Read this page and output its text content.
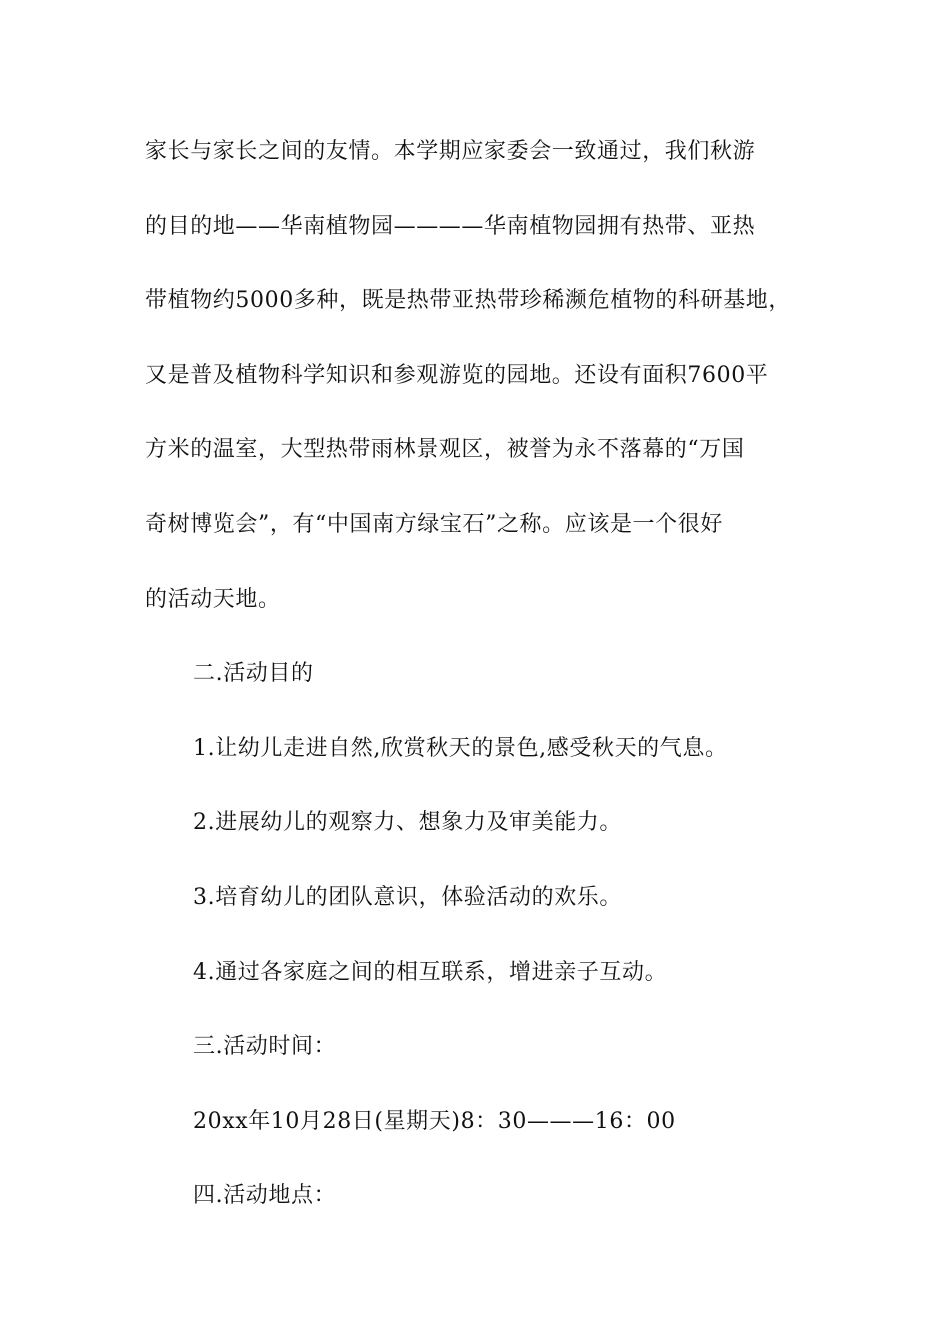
家长与家长之间的友情。本学期应家委会一致通过，我们秋游
的目的地——华南植物园————华南植物园拥有热带、亚热
带植物约5000多种，既是热带亚热带珍稀濒危植物的科研基地，
又是普及植物科学知识和参观游览的园地。还设有面积7600平
方米的温室，大型热带雨林景观区，被誉为永不落幕的“万国
奇树博览会”，有“中国南方绿宝石”之称。应该是一个很好
的活动天地。
二.活动目的
1.让幼儿走进自然,欣赏秋天的景色,感受秋天的气息。
2.进展幼儿的观察力、想象力及审美能力。
3.培育幼儿的团队意识，体验活动的欢乐。
4.通过各家庭之间的相互联系，增进亲子互动。
三.活动时间：
20xx年10月28日(星期天)8：30———16：00
四.活动地点：
